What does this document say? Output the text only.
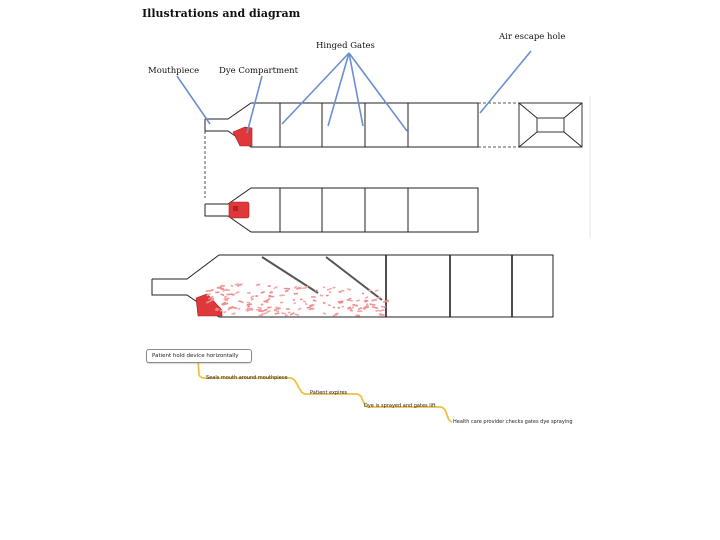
Illustrations and diagram
Mouthpiece Dye Compartment
Hinged Gates
Air escape hole
Patient hold device horizontally
Seals mouth around mouthpiece
Patient expires
Dye is sprayed and gates lift
Health care provider checks gates dye spraying
